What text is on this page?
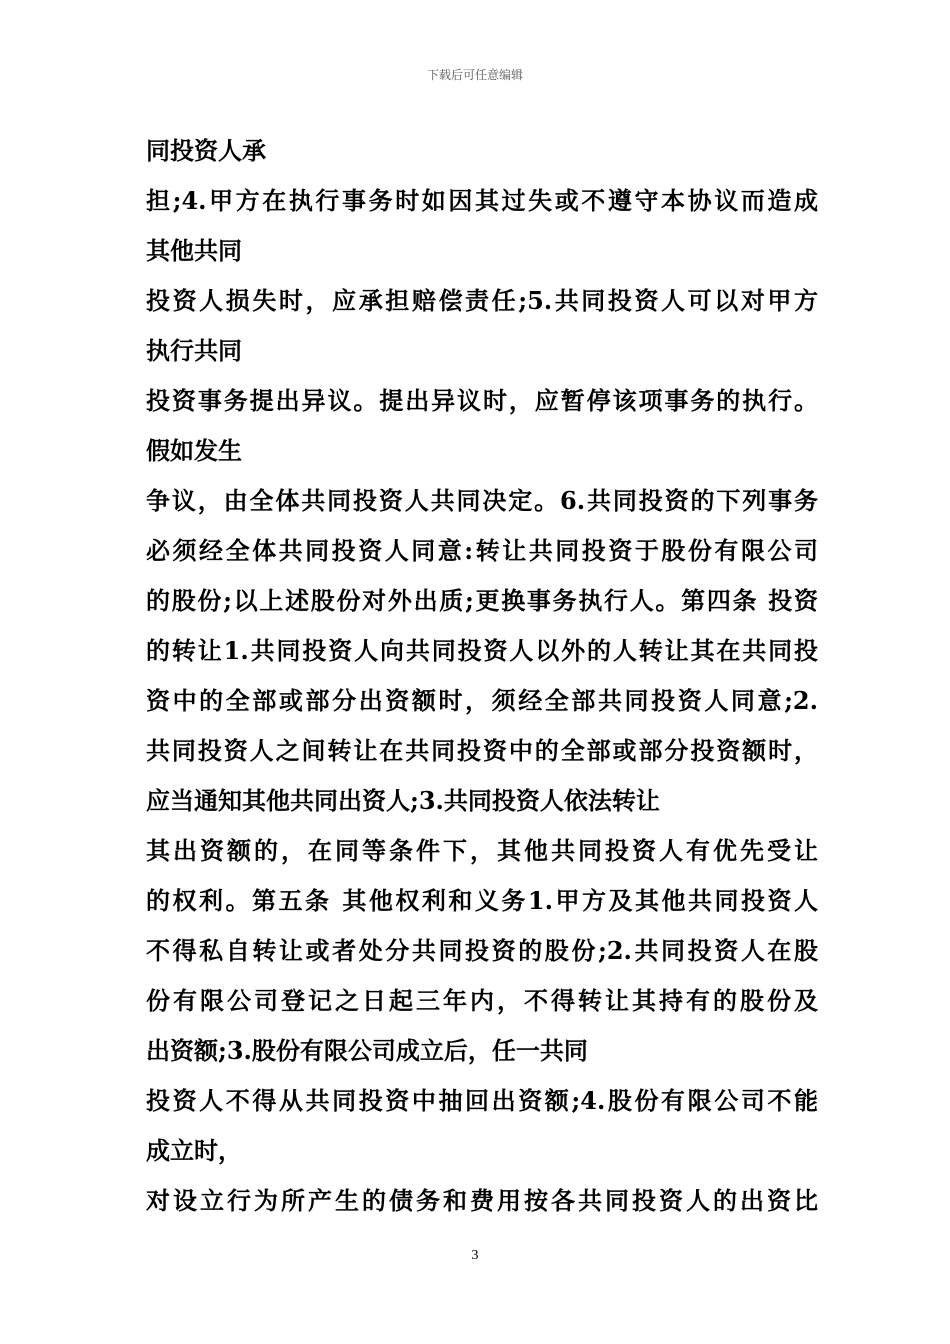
下载后可任意编辑
同投资人承
担;4.甲方在执行事务时如因其过失或不遵守本协议而造成
其他共同
投资人损失时，应承担赔偿责任;5.共同投资人可以对甲方
执行共同
投资事务提出异议。提出异议时，应暂停该项事务的执行。
假如发生
争议，由全体共同投资人共同决定。6.共同投资的下列事务
必须经全体共同投资人同意:转让共同投资于股份有限公司
的股份;以上述股份对外出质;更换事务执行人。第四条 投资
的转让1.共同投资人向共同投资人以外的人转让其在共同投
资中的全部或部分出资额时，须经全部共同投资人同意;2.
共同投资人之间转让在共同投资中的全部或部分投资额时，
应当通知其他共同出资人;3.共同投资人依法转让
其出资额的，在同等条件下，其他共同投资人有优先受让
的权利。第五条 其他权利和义务1.甲方及其他共同投资人
不得私自转让或者处分共同投资的股份;2.共同投资人在股
份有限公司登记之日起三年内，不得转让其持有的股份及
出资额;3.股份有限公司成立后，任一共同
投资人不得从共同投资中抽回出资额;4.股份有限公司不能
成立时，
对设立行为所产生的债务和费用按各共同投资人的出资比
3
